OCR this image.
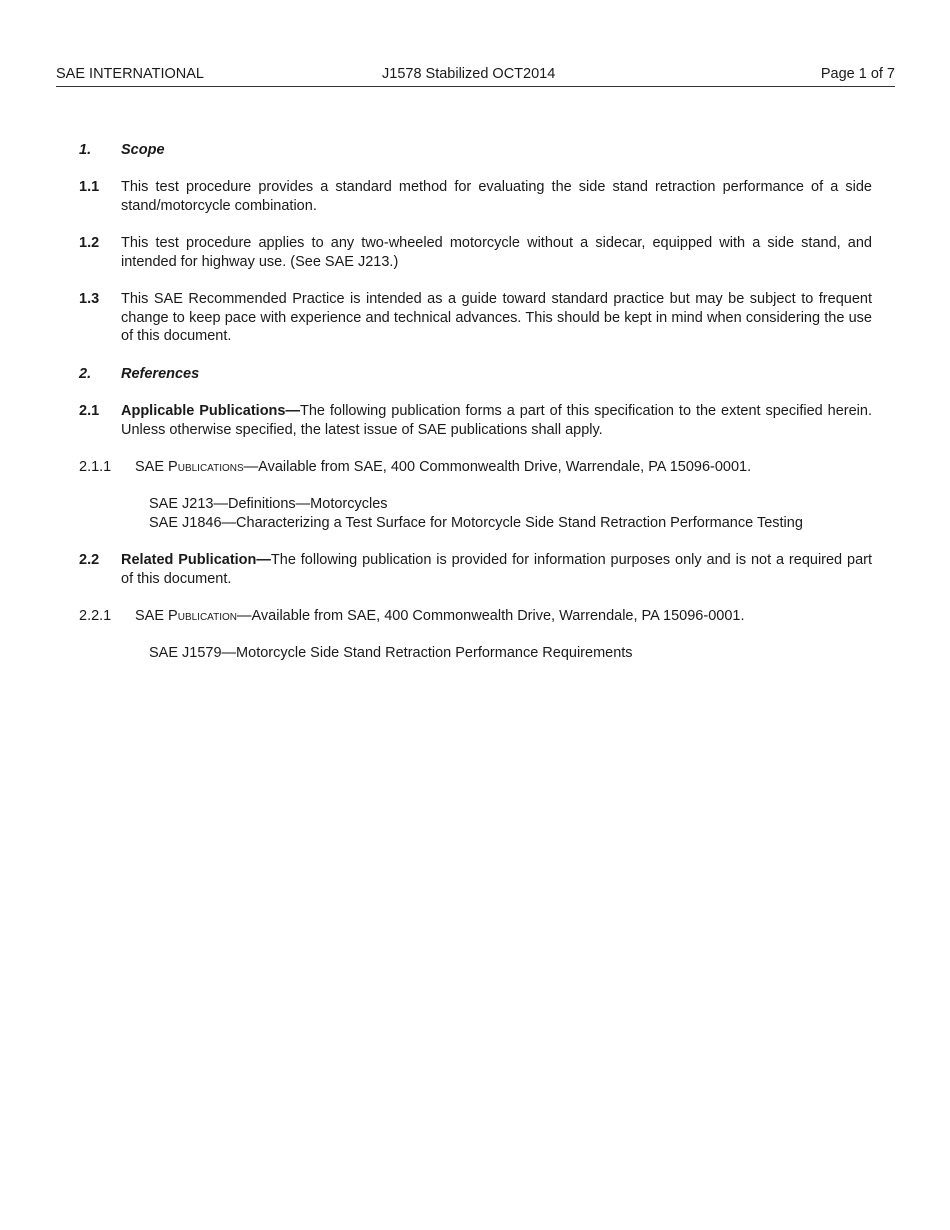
SAE INTERNATIONAL	J1578 Stabilized OCT2014	Page 1 of 7
1. Scope
1.1 This test procedure provides a standard method for evaluating the side stand retraction performance of a side stand/motorcycle combination.
1.2 This test procedure applies to any two-wheeled motorcycle without a sidecar, equipped with a side stand, and intended for highway use. (See SAE J213.)
1.3 This SAE Recommended Practice is intended as a guide toward standard practice but may be subject to frequent change to keep pace with experience and technical advances. This should be kept in mind when considering the use of this document.
2. References
2.1 Applicable Publications—The following publication forms a part of this specification to the extent specified herein. Unless otherwise specified, the latest issue of SAE publications shall apply.
2.1.1 SAE Publications—Available from SAE, 400 Commonwealth Drive, Warrendale, PA 15096-0001.
SAE J213—Definitions—Motorcycles
SAE J1846—Characterizing a Test Surface for Motorcycle Side Stand Retraction Performance Testing
2.2 Related Publication—The following publication is provided for information purposes only and is not a required part of this document.
2.2.1 SAE Publication—Available from SAE, 400 Commonwealth Drive, Warrendale, PA 15096-0001.
SAE J1579—Motorcycle Side Stand Retraction Performance Requirements
